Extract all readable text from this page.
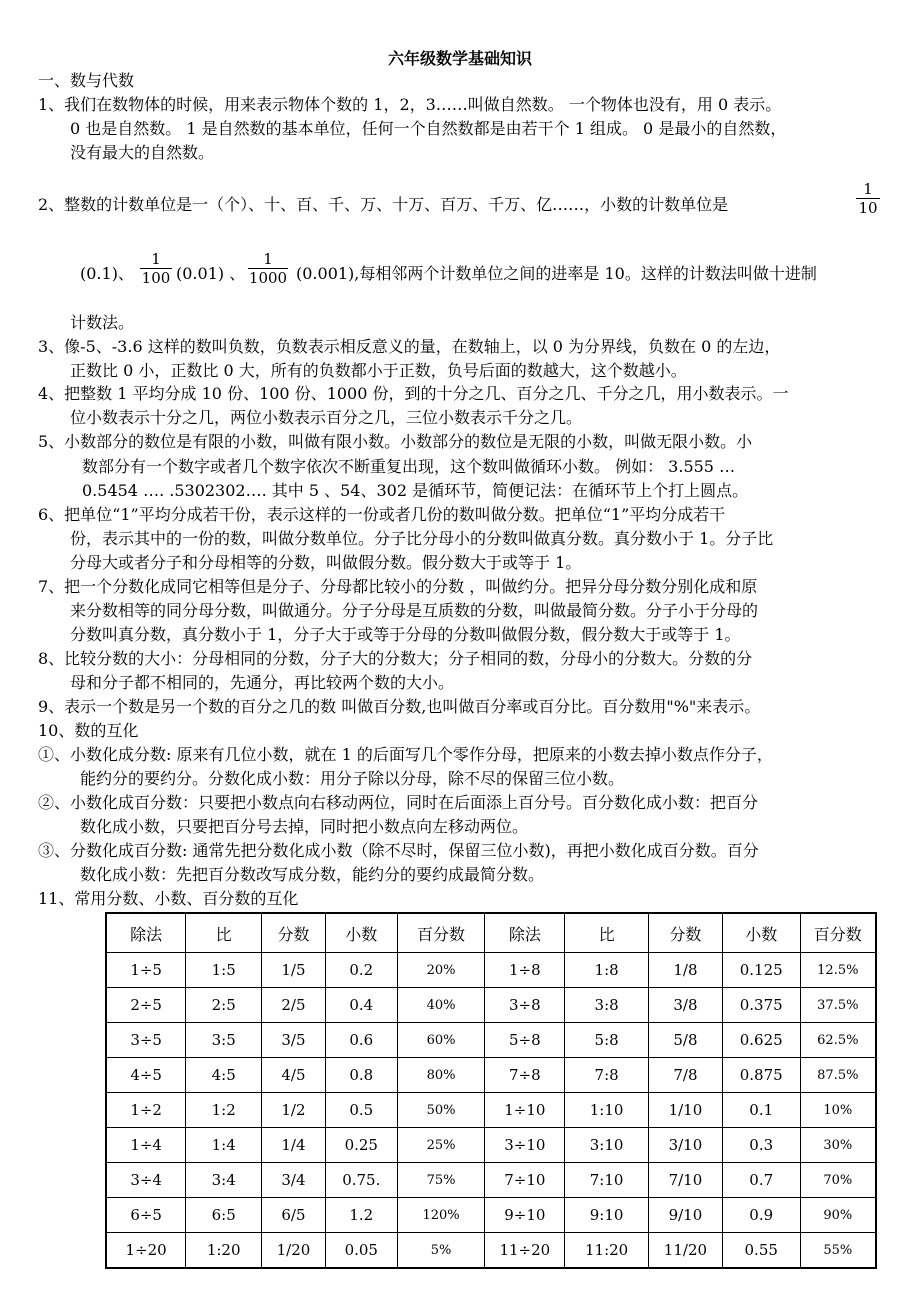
六年级数学基础知识
一、数与代数
1、我们在数物体的时候，用来表示物体个数的 1，2，3……叫做自然数。 一个物体也没有，用 0 表示。
0 也是自然数。 1 是自然数的基本单位，任何一个自然数都是由若干个 1 组成。 0 是最小的自然数，
没有最大的自然数。
2、整数的计数单位是一（个）、十、百、千、万、十万、百万、千万、亿……，小数的计数单位是	$\frac{1}{10}$
(0.1)、 $\frac{1}{100} (0.01)$ 、 $\frac{1}{1000} (0.001)$,每相邻两个计数单位之间的进率是 10。这样的计数法叫做十进制
计数法。
3、像-5、-3.6 这样的数叫负数，负数表示相反意义的量，在数轴上，以 0 为分界线，负数在 0 的左边，
正数比 0 小，正数比 0 大，所有的负数都小于正数，负号后面的数越大，这个数越小。
4、把整数 1 平均分成 10 份、100 份、1000 份，到的十分之几、百分之几、千分之几，用小数表示。一
位小数表示十分之几，两位小数表示百分之几，三位小数表示千分之几。
5、小数部分的数位是有限的小数，叫做有限小数。小数部分的数位是无限的小数，叫做无限小数。小
数部分有一个数字或者几个数字依次不断重复出现，这个数叫做循环小数。 例如： 3.555 …
0.5454 …. .5302302…. 其中 5 、54、302 是循环节，简便记法：在循环节上个打上圆点。
6、把单位“1”平均分成若干份，表示这样的一份或者几份的数叫做分数。把单位“1”平均分成若干
份，表示其中的一份的数，叫做分数单位。分子比分母小的分数叫做真分数。真分数小于 1。分子比
分母大或者分子和分母相等的分数，叫做假分数。假分数大于或等于 1。
7、把一个分数化成同它相等但是分子、分母都比较小的分数 ，叫做约分。把异分母分数分别化成和原
来分数相等的同分母分数，叫做通分。分子分母是互质数的分数，叫做最简分数。分子小于分母的
分数叫真分数，真分数小于 1，分子大于或等于分母的分数叫做假分数，假分数大于或等于 1。
8、比较分数的大小：分母相同的分数，分子大的分数大；分子相同的数，分母小的分数大。分数的分
母和分子都不相同的，先通分，再比较两个数的大小。
9、表示一个数是另一个数的百分之几的数 叫做百分数,也叫做百分率或百分比。百分数用"%"来表示。
10、数的互化
①、小数化成分数: 原来有几位小数，就在 1 的后面写几个零作分母，把原来的小数去掉小数点作分子，
能约分的要约分。分数化成小数：用分子除以分母，除不尽的保留三位小数。
②、小数化成百分数：只要把小数点向右移动两位，同时在后面添上百分号。百分数化成小数：把百分
数化成小数，只要把百分号去掉，同时把小数点向左移动两位。
③、分数化成百分数: 通常先把分数化成小数（除不尽时，保留三位小数)，再把小数化成百分数。百分
数化成小数：先把百分数改写成分数，能约分的要约成最简分数。
11、常用分数、小数、百分数的互化
除法	比	分数	小数	百分数	除法	比	分数	小数	百分数
1÷5	1:5	1/5	0.2	20%	1÷8	1:8	1/8	0.125	12.5%
2÷5	2:5	2/5	0.4	40%	3÷8	3:8	3/8	0.375	37.5%
3÷5	3:5	3/5	0.6	60%	5÷8	5:8	5/8	0.625	62.5%
4÷5	4:5	4/5	0.8	80%	7÷8	7:8	7/8	0.875	87.5%
1÷2	1:2	1/2	0.5	50%	1÷10	1:10	1/10	0.1	10%
1÷4	1:4	1/4	0.25	25%	3÷10	3:10	3/10	0.3	30%
3÷4	3:4	3/4	0.75.	75%	7÷10	7:10	7/10	0.7	70%
6÷5	6:5	6/5	1.2	120%	9÷10	9:10	9/10	0.9	90%
1÷20	1:20	1/20	0.05	5%	11÷20	11:20	11/20	0.55	55%
